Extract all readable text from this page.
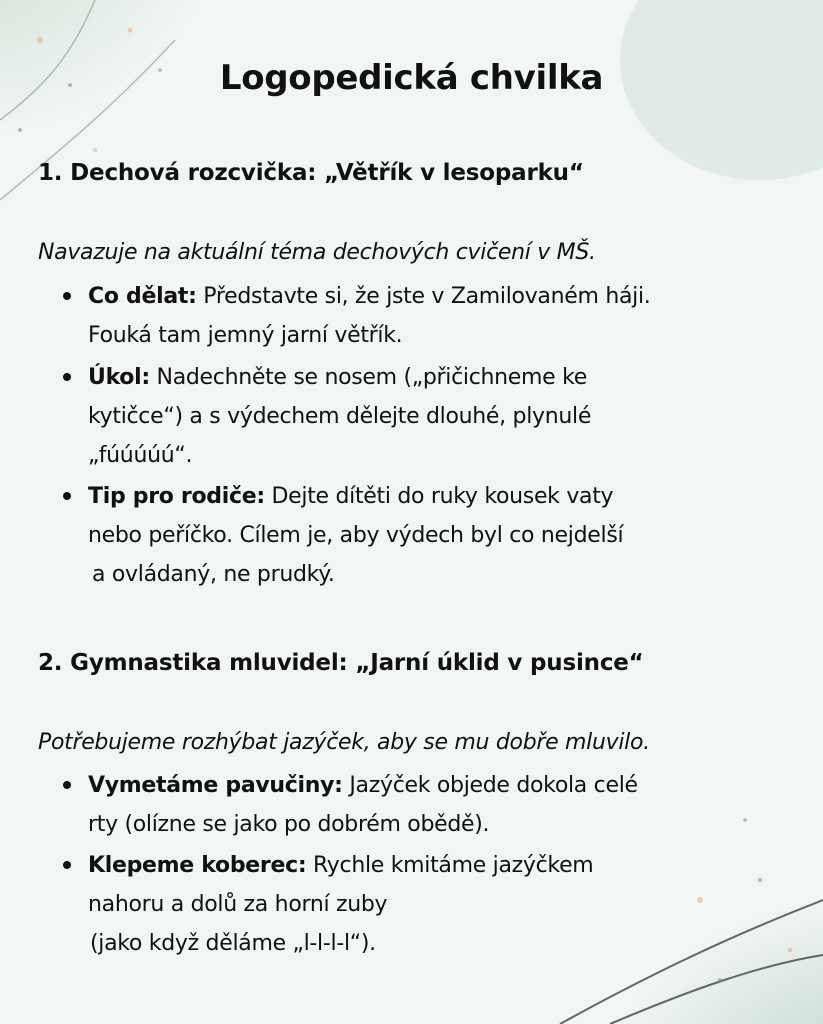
Logopedická chvilka
1. Dechová rozcvička: „Větřík v lesoparku“
Navazuje na aktuální téma dechových cvičení v MŠ.
Co dělat: Představte si, že jste v Zamilovaném háji.
Fouká tam jemný jarní větřík.
Úkol: Nadechněte se nosem („přičichneme ke
kytičce“) a s výdechem dělejte dlouhé, plynulé
„fúúúúú“.
Tip pro rodiče: Dejte dítěti do ruky kousek vaty
nebo peříčko. Cílem je, aby výdech byl co nejdelší
a ovládaný, ne prudký.
2. Gymnastika mluvidel: „Jarní úklid v pusince“
Potřebujeme rozhýbat jazýček, aby se mu dobře mluvilo.
Vymetáme pavučiny: Jazýček objede dokola celé
rty (olízne se jako po dobrém obědě).
Klepeme koberec: Rychle kmitáme jazýčkem
nahoru a dolů za horní zuby
(jako když děláme „l-l-l-l“).
